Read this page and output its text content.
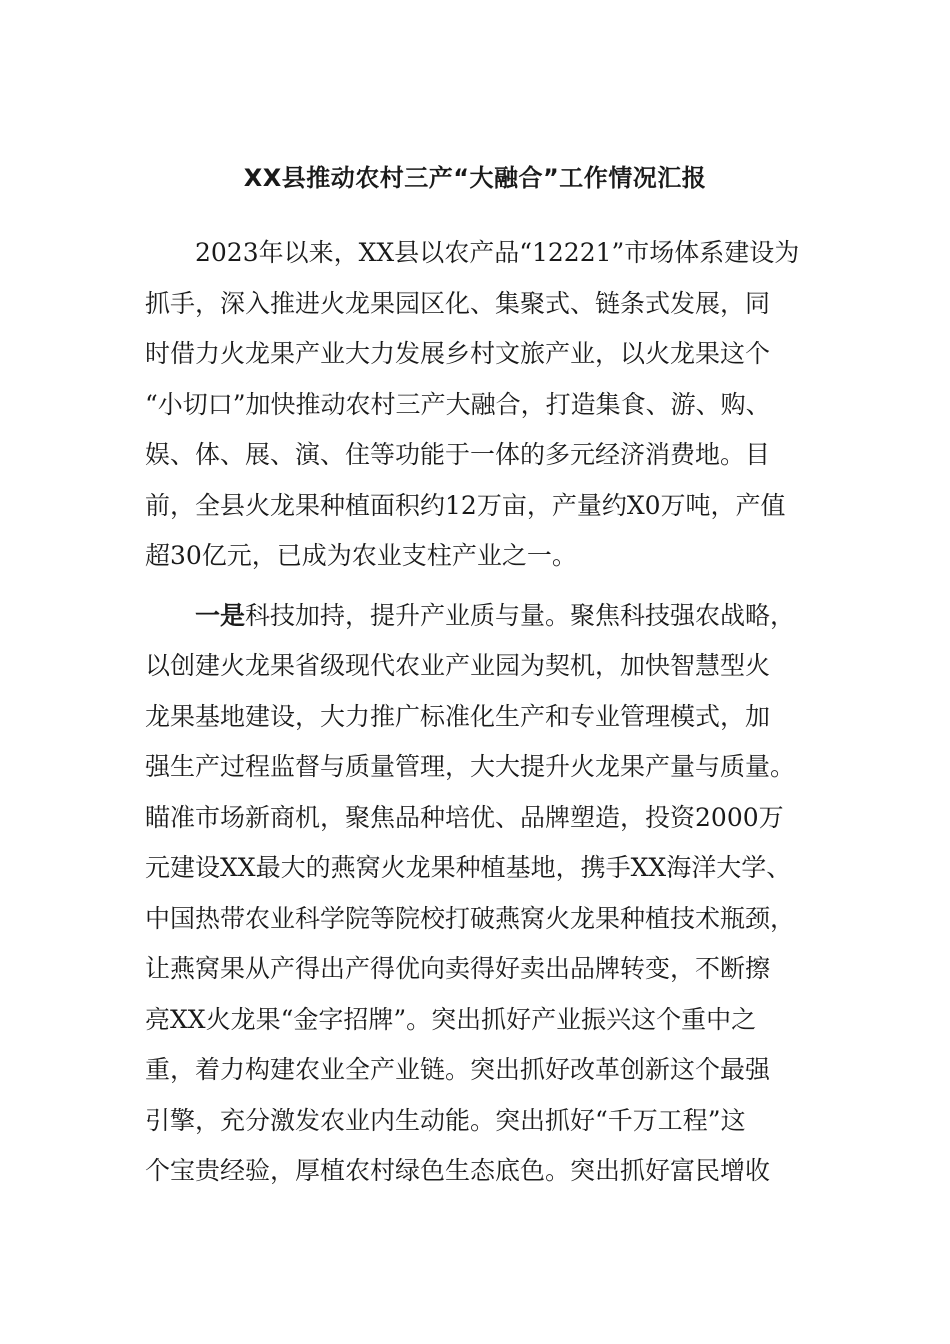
XX县推动农村三产“大融合”工作情况汇报
2023年以来，XX县以农产品“12221”市场体系建设为
抓手，深入推进火龙果园区化、集聚式、链条式发展，同
时借力火龙果产业大力发展乡村文旅产业，以火龙果这个
“小切口”加快推动农村三产大融合，打造集食、游、购、
娱、体、展、演、住等功能于一体的多元经济消费地。目
前，全县火龙果种植面积约12万亩，产量约X0万吨，产值
超30亿元，已成为农业支柱产业之一。
一是科技加持，提升产业质与量。聚焦科技强农战略，
以创建火龙果省级现代农业产业园为契机，加快智慧型火
龙果基地建设，大力推广标准化生产和专业管理模式，加
强生产过程监督与质量管理，大大提升火龙果产量与质量。
瞄准市场新商机，聚焦品种培优、品牌塑造，投资2000万
元建设XX最大的燕窝火龙果种植基地，携手XX海洋大学、
中国热带农业科学院等院校打破燕窝火龙果种植技术瓶颈，
让燕窝果从产得出产得优向卖得好卖出品牌转变，不断擦
亮XX火龙果“金字招牌”。突出抓好产业振兴这个重中之
重，着力构建农业全产业链。突出抓好改革创新这个最强
引擎，充分激发农业内生动能。突出抓好“千万工程”这
个宝贵经验，厚植农村绿色生态底色。突出抓好富民增收
